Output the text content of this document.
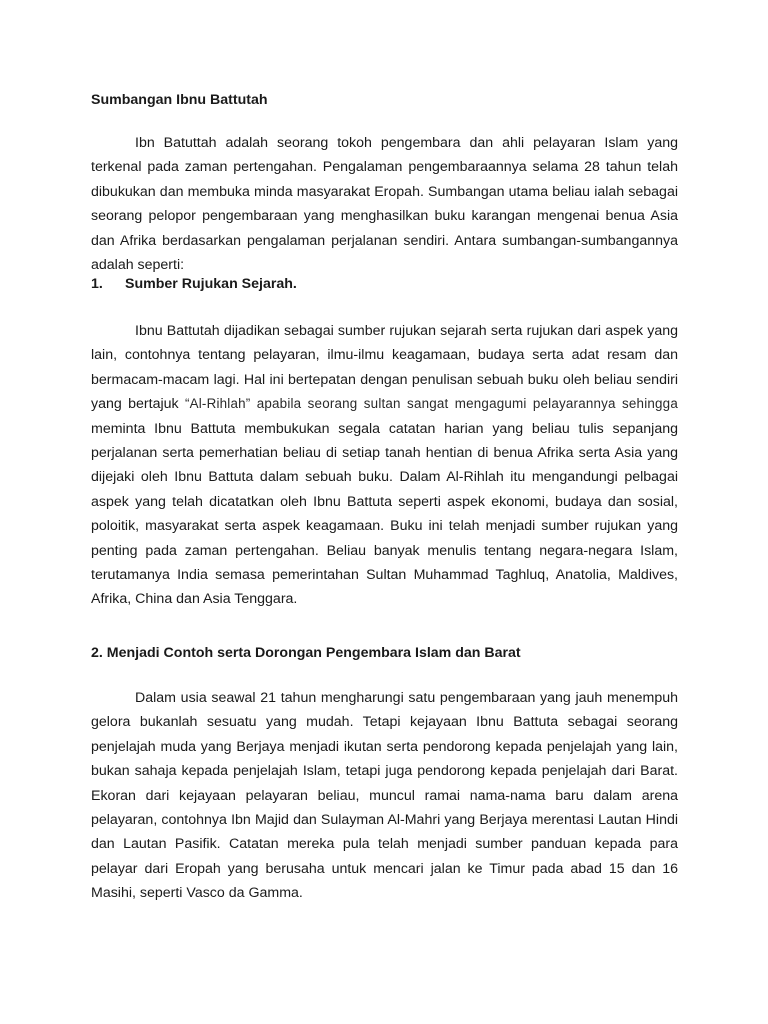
Sumbangan Ibnu Battutah

Ibn Batuttah adalah seorang tokoh pengembara dan ahli pelayaran Islam yang terkenal pada zaman pertengahan. Pengalaman pengembaraannya selama 28 tahun telah dibukukan dan membuka minda masyarakat Eropah. Sumbangan utama beliau ialah sebagai seorang pelopor pengembaraan yang menghasilkan buku karangan mengenai benua Asia dan Afrika berdasarkan pengalaman perjalanan sendiri. Antara sumbangan-sumbangannya adalah seperti:

1. Sumber Rujukan Sejarah.

Ibnu Battutah dijadikan sebagai sumber rujukan sejarah serta rujukan dari aspek yang lain, contohnya tentang pelayaran, ilmu-ilmu keagamaan, budaya serta adat resam dan bermacam-macam lagi. Hal ini bertepatan dengan penulisan sebuah buku oleh beliau sendiri yang bertajuk “Al-Rihlah” apabila seorang sultan sangat mengagumi pelayarannya sehingga meminta Ibnu Battuta membukukan segala catatan harian yang beliau tulis sepanjang perjalanan serta pemerhatian beliau di setiap tanah hentian di benua Afrika serta Asia yang dijejaki oleh Ibnu Battuta dalam sebuah buku. Dalam Al-Rihlah itu mengandungi pelbagai aspek yang telah dicatatkan oleh Ibnu Battuta seperti aspek ekonomi, budaya dan sosial, poloitik, masyarakat serta aspek keagamaan. Buku ini telah menjadi sumber rujukan yang penting pada zaman pertengahan. Beliau banyak menulis tentang negara-negara Islam, terutamanya India semasa pemerintahan Sultan Muhammad Taghluq, Anatolia, Maldives, Afrika, China dan Asia Tenggara.

2. Menjadi Contoh serta Dorongan Pengembara Islam dan Barat

Dalam usia seawal 21 tahun mengharungi satu pengembaraan yang jauh menempuh gelora bukanlah sesuatu yang mudah. Tetapi kejayaan Ibnu Battuta sebagai seorang penjelajah muda yang Berjaya menjadi ikutan serta pendorong kepada penjelajah yang lain, bukan sahaja kepada penjelajah Islam, tetapi juga pendorong kepada penjelajah dari Barat. Ekoran dari kejayaan pelayaran beliau, muncul ramai nama-nama baru dalam arena pelayaran, contohnya Ibn Majid dan Sulayman Al-Mahri yang Berjaya merentasi Lautan Hindi dan Lautan Pasifik. Catatan mereka pula telah menjadi sumber panduan kepada para pelayar dari Eropah yang berusaha untuk mencari jalan ke Timur pada abad 15 dan 16 Masihi, seperti Vasco da Gamma.
